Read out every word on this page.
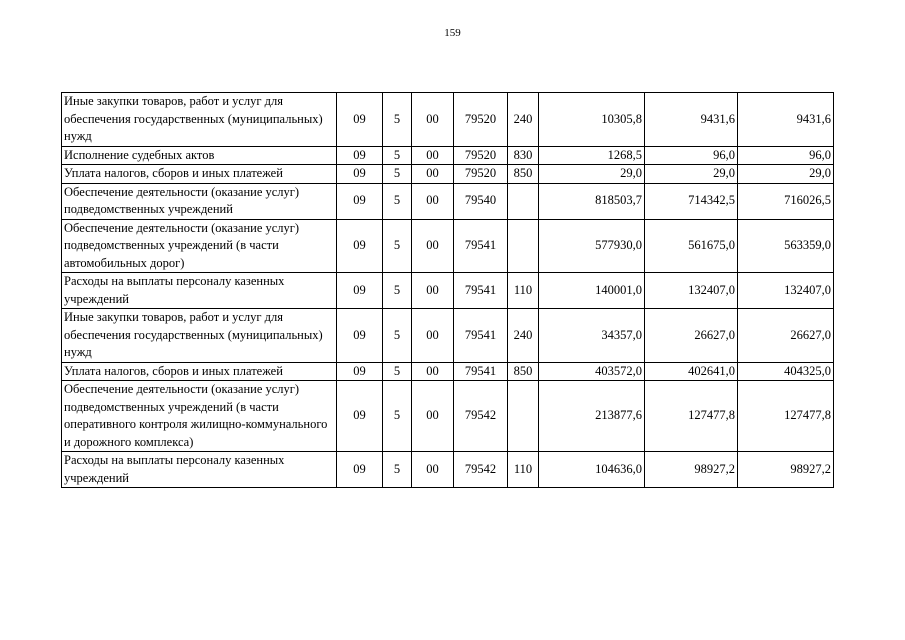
159
Иные закупки товаров, работ и услуг для обеспечения государственных (муниципальных) нужд	09	5	00	79520	240	10305,8	9431,6	9431,6
Исполнение судебных актов	09	5	00	79520	830	1268,5	96,0	96,0
Уплата налогов, сборов и иных платежей	09	5	00	79520	850	29,0	29,0	29,0
Обеспечение деятельности (оказание услуг) подведомственных учреждений	09	5	00	79540		818503,7	714342,5	716026,5
Обеспечение деятельности (оказание услуг) подведомственных учреждений (в части автомобильных дорог)	09	5	00	79541		577930,0	561675,0	563359,0
Расходы на выплаты персоналу казенных учреждений	09	5	00	79541	110	140001,0	132407,0	132407,0
Иные закупки товаров, работ и услуг для обеспечения государственных (муниципальных) нужд	09	5	00	79541	240	34357,0	26627,0	26627,0
Уплата налогов, сборов и иных платежей	09	5	00	79541	850	403572,0	402641,0	404325,0
Обеспечение деятельности (оказание услуг) подведомственных учреждений (в части оперативного контроля жилищно-коммунального и дорожного комплекса)	09	5	00	79542		213877,6	127477,8	127477,8
Расходы на выплаты персоналу казенных учреждений	09	5	00	79542	110	104636,0	98927,2	98927,2
